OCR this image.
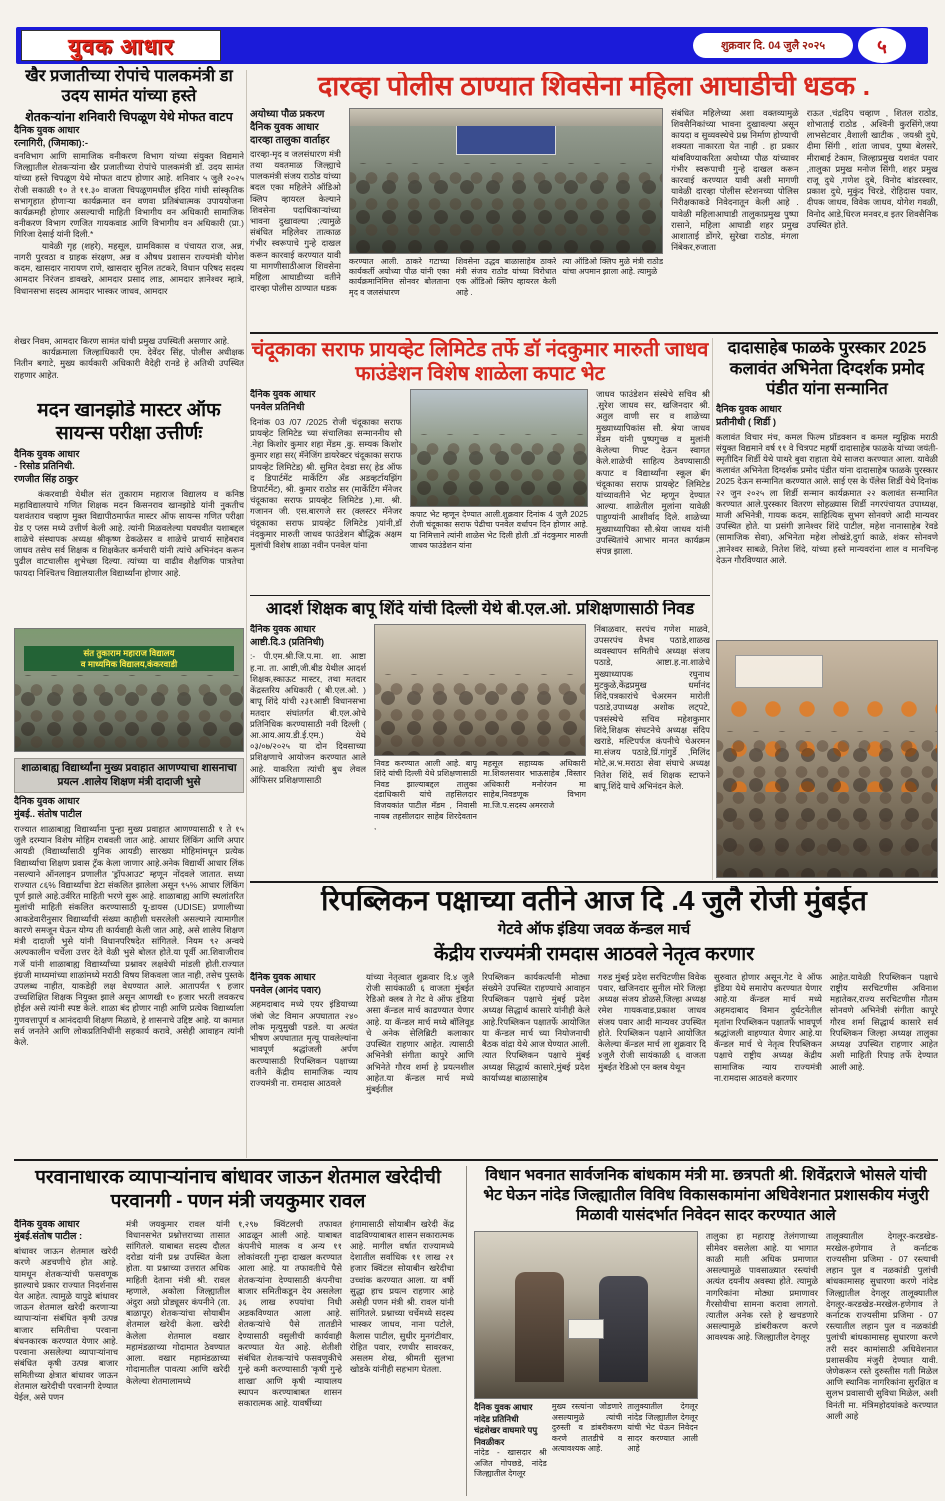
युवक आधार	शुक्रवार दि. 04 जुलै २०२५	५
खैर प्रजातीच्या रोपांचे पालकमंत्री डा उदय सामंत यांच्या हस्ते
शेतकऱ्यांना शनिवारी चिपळूण येथे मोफत वाटप
दैनिक युवक आधार
रत्नागिरी, (जिमाका):-
वनविभाग आणि सामाजिक वनीकरण विभाग यांच्या संयुक्त विद्यमाने जिल्ह्यातील शेतकऱ्यांना खैर प्रजातीच्या रोपांचे पालकमंत्री डॉ. उदय सामंत यांच्या हस्ते चिपळूण येथे मोफत वाटप होणार आहे. शनिवार ५ जुलै २०२५ रोजी सकाळी १० ते ११.३० वाजता चिपळूणमधील इंदिरा गांधी सांस्कृतिक सभागृहात होणाऱ्या कार्यक्रमात वन वणवा प्रतिबंधात्मक उपाययोजना कार्यक्रमही होणार असल्याची माहिती विभागीय वन अधिकारी सामाजिक वनीकरण विभाग रणजित गायकवाड आणि विभागीय वन अधिकारी (प्रा.) गिरिजा देसाई यांनी दिली.*
यावेळी गृह (शहरे), महसूल, ग्रामविकास व पंचायत राज, अन्न, नागरी पुरवठा व ग्राहक संरक्षण, अन्न व औषध प्रशासन राज्यमंत्री योगेश कदम, खासदार नारायण राणे, खासदार सुनिल तटकरे, विधान परिषद सदस्य आमदार निरंजन डावखरे, आमदार प्रसाद लाड, आमदार ज्ञानेश्वर म्हात्रे, विधानसभा सदस्य आमदार भास्कर जाधव, आमदार
शेखर निवम, आमदार किरण सामंत यांची प्रमुख उपस्थिती असणार आहे.
कार्यक्रमाला जिल्हाधिकारी एम. देवेंदर सिंह, पोलीस अधीक्षक नितीन बगाटे, मुख्य कार्यकारी अधिकारी वैदेही रानडे हे अतिथी उपस्थित राहणार आहेत.
दारव्हा पोलीस ठाण्यात शिवसेना महिला आघाडीची धडक .
अयोध्या पौळ प्रकरण
दैनिक युवक आधार
दारव्हा तालुका वार्ताहर
दारव्हा-मृद व जलसंधारण मंत्री तथा यवतमाळ जिल्ह्याचे पालकमंत्री संजय राठोड यांच्या बदल एका महिलेने ऑडिओ क्लिप व्हायरल केल्याने शिवसेना पदाधिकाऱ्यांच्या भावना दुखावल्या ;त्यामुळे संबंधित महिलेवर तात्काळ गंभीर स्वरूपाचे गुन्हे दाखल करून कारवाई करण्यात यावी या मागणीसाठीआज शिवसेना महिला आघाडीच्या वतीने दारव्हा पोलीस ठाण्यात धडक
करण्यात आली. ठाकरे गटाच्या कार्यकर्ती अयोध्या पौळ यांनी एका कार्यक्रमानिमित्त सोनवर बोलताना मृद व जलसंधारण
शिवसेना उद्धव बाळासाहेब ठाकरे मंत्री संजय राठोड यांच्या विरोधात एक ऑडिओ क्लिप व्हायरल केली आहे .
त्या ऑडिओ क्लिप मुळे मंत्री राठोड यांचा अपमान झाला आहे. त्यामुळे
संबंधित महिलेच्या अशा वक्तव्यामुळे शिवसैनिकांच्या भावना दुखावल्या असून कायदा व सुव्यवस्थेचे प्रश्न निर्माण होण्याची शक्यता नाकारता येत नाही . हा प्रकार थांबविण्याकरिता अयोध्या पौळ यांच्यावर गंभीर स्वरूपाची गुन्हे दाखल करून कारवाई करण्यात यावी अशी मागणी यावेळी दारव्हा पोलीस स्टेशनच्या पोलिस निरीक्षकाकडे निवेदनातून केली आहे . यावेळी महिलाआघाडी तालुकाप्रमुख पुष्पा रासाने, महिला आघाडी शहर प्रमुख आशाताई डोंगरे, सुरेखा राठोड, मंगला निंबेकर,रुजाता
राऊत ,चंद्रदिप चव्हाण , शितल राठोड, शोभाताई राठोड , अश्विनी कुरसिंगे,जया लाभसेटवार ,वैशाली खाटीक , जयश्री दुधे, दीमा सिंगी , शांता जाधव, पुष्पा बेलसरे, मीराबाई टेकाम, जिल्हाप्रमुख यशवंत पवार ,तालुका प्रमुख मनोज सिंगी, शहर प्रमुख राजू दुधे ,गणेश दुबे, विनोद बांडरस्वार, प्रकाश दुधे, मुकुंद चिरडे, रोहिदास पवार, दीपक जाधव, विवेक जाधव, योगेश गवळी, विनोद आडे,धिरज मनवर,व इतर शिवसैनिक उपस्थित होते.
मदन खानझोडे मास्टर ऑफ सायन्स परीक्षा उत्तीर्णः
दैनिक युवक आधार
- रिसोड प्रतिनिधी.
रणजीत सिंह ठाकुर
कंकरवाडी येथील संत तुकाराम महाराज विद्यालय व कनिष्ठ महाविद्यालयाचे गणित शिक्षक मदन किसनराव खानझोडे यांनी नुकतीच यशवंतराव चव्हाण मुक्त विद्यापीठमार्फत मास्टर ऑफ सायन्स गणित परीक्षा ग्रेड ए प्लस मध्ये उत्तीर्ण केली आहे. त्यांनी मिळवलेल्या घवघवीत यशाबद्दल शाळेचे संस्थापक अध्यक्ष श्रीकृष्ण ढेकळेसर व शाळेचे प्राचार्य साहेबराव जाधव तसेच सर्व शिक्षक व शिक्षकेतर कर्मचारी यांनी त्यांचे अभिनंदन करून पुढील वाटचालीस शुभेच्छा दिल्या. त्यांच्या या वाढीव शैक्षणिक पात्रतेचा फायदा निश्चितच विद्यालयातील विद्यार्थ्यांना होणार आहे.
संत तुकाराम महाराज विद्यालय
व माध्यमिक विद्यालय,कंकरवाडी
शाळाबाह्य विद्यार्थ्यांना मुख्य प्रवाहात आणण्याचा शासनाचा प्रयत्न .शालेय शिक्षण मंत्री दादाजी भुसे
दैनिक युवक आधार
मुंबई.. संतोष पाटील
राज्यात शाळाबाह्य विद्यार्थ्यांना पुन्हा मुख्य प्रवाहात आणण्यासाठी १ ते १५ जुलै दरम्यान विशेष मोहिम राबवली जात आहे. आधार लिंकिंग आणि अपार आयडी (विद्यार्थ्यांसाठी युनिक आयडी) सारख्या मोहिमांमधून प्रत्येक विद्यार्थ्याचा शिक्षण प्रवास ट्रॅक केला जाणार आहे.अनेक विद्यार्थी आधार लिंक नसल्याने ऑनलाइन प्रणालीत 'ड्रॉपआउट' म्हणून नोंदवले जातात. सध्या राज्यात ८६% विद्यार्थ्यांचा डेटा संकलित झालेला असून ९५% आधार लिंकिंग पूर्ण झाले आहे.उर्वरित माहिती भरणे सुरू आहे. शाळाबाह्य आणि स्थलांतरित मुलांची माहिती संकलित करण्यासाठी यू-डायस (UDISE) प्रणालीच्या आकडेवारीनुसार विद्यार्थ्यांची संख्या काहीशी घसरलेली असल्याने त्यामागील कारणे समजून घेऊन योग्य ती कार्यवाही केली जात आहे, असे शालेय शिक्षण मंत्री दादाजी भुसे यांनी विधानपरिषदेत सांगितले. नियम ९२ अन्वये अल्पकालीन चर्चेला उत्तर देते वेळी भुसे बोलत होते.या पूर्वी आ.शिवाजीराव गर्जे यांनी शाळाबाह्य विद्यार्थ्यांच्या प्रश्नावर लक्षवेधी मांडली होती.राज्यात इंग्रजी माध्यमांच्या शाळांमध्ये मराठी विषय शिकवला जात नाही, तसेच पुस्तके उपलब्ध नाहीत, याकडेही लक्ष वेधण्यात आले. आतापर्यंत ९ हजार उच्चशिक्षित शिक्षक नियुक्त झाले असून आणखी १० हजार भरती लवकरच होईल असे त्यांनी स्पष्ट केले. शाळा बंद होणार नाही आणि प्रत्येक विद्यार्थ्याला गुणवत्तापूर्ण व आनंददायी शिक्षण मिळावे, हे शासनाचे उद्दिष्ट आहे. या कामात सर्व जनतेने आणि लोकप्रतिनिधींनी सहकार्य करावे, असेही आवाहन त्यांनी केले.
चंदूकाका सराफ प्रायव्हेट लिमिटेड तर्फे डॉ नंदकुमार मारुती जाधव फाउंडेशन विशेष शाळेला कपाट भेट
दैनिक युवक आधार
पनवेल प्रतिनिधी
दिनांक 03 /07 /2025 रोजी चंदूकाका सराफ प्रायव्हेट लिमिटेड च्या संचालिका सन्माननीय सौ .नेहा किशोर कुमार शहा मेंडम ,कु. सम्यक किशोर कुमार शहा सर( मॅनेजिंग डायरेक्टर चंदूकाका सराफ प्रायव्हेट लिमिटेड) श्री. सुमित देवडा सर( हेड ऑफ द डिपार्टमेंट मार्केटिंग अँड अडव्हर्टायझिंग डिपार्टमेंट), श्री. कुमार राठोड सर (मार्केटिंग मॅनेजर चंदूकाका सराफ प्रायव्हेट लिमिटेड ),मा. श्री. गजानन जी. एस.बारगजे सर (क्लस्टर मॅनेजर चंदूकाका सराफ प्रायव्हेट लिमिटेड )यांनी,डॉ नंदकुमार मारुती जाधव फाउंडेशन बौद्धिक अक्षम मुलांची विशेष शाळा नवीन पनवेल यांना
कपाट भेट म्हणून देण्यात आली.शुक्रवार दिनांक 4 जुलै 2025 रोजी चंदूकाका सराफ पेढीचा पनवेल वर्धापन दिन होणार आहे. या निमित्ताने त्यांनी शाळेस भेट दिली होती .डॉ नंदकुमार मारुती जाधव फाउंडेशन यांना
जाधव फाउंडेशन संस्थेचे सचिव श्री ,सुरेश जाधव सर, खजिनदार श्री. अतुल वाणी सर व शाळेच्या मुख्याध्यापिकांस सौ. श्रेया जाधव मेंडम यांनी पुष्पगुच्छ व मुलांनी केलेल्या गिफ्ट देऊन स्वागत केले.शाळेची साहित्य ठेवण्यासाठी कपाट व विद्यार्थ्यांना स्कूल बॅग चंदूकाका सराफ प्रायव्हेट लिमिटेड यांच्यावतीने भेट म्हणून देण्यात आल्या. शाळेतील मुलांना यावेळी पाहुण्यांनी आशीर्वाद दिले. शाळेच्या मुख्याध्यापिका सौ.श्रेया जाधव यांनी उपस्थितांचे आभार मानत कार्यक्रम संपन्न झाला.
दादासाहेब फाळके पुरस्कार 2025 कलावंत अभिनेता दिग्दर्शक प्रमोद पंडीत यांना सन्मानित
दैनिक युवक आधार
प्रतीनीधी ( शिर्डी )
कलावंत विचार मंच, कमल फिल्म प्रॉडक्शन व कमल म्युझिक मराठी संयुक्त विद्यमाने वर्ष ११ वे चित्रपट महर्षी दादासाहेब फाळके यांच्या जयंती- स्मृतीदिन शिर्डी येथे पाथरे बुवा राहाता येथे साजरा करण्यात आला. यावेळी कलावंत अभिनेता दिग्दर्शक प्रमोद पंडीत यांना दादासाहेब फाळके पुरस्कार 2025 देऊन सन्मानित करण्यात आले. साई एस के पॅलेस शिर्डी येथे दिनांक २२ जुन २०२५ ला शिर्डी सन्मान कार्यक्रमात २२ कलावंत सन्मानित करण्यात आले.पुरस्कार वितरण सोहळ्यास शिर्डी नगरपंचायत उपाध्यक्ष, माजी अभिनेत्री, गायक कदम, साहित्यिक सुभग सोनवणे आदी मान्यवर उपस्थित होते. या प्रसंगी ज्ञानेश्वर शिंदे पाटील, महेश नानासाहेब रेवडे (सामाजिक सेवा), अभिनेता महेश लोखंडे,दुर्गा काळे, शंकर सोनवणे ,ज्ञानेश्वर साबळे, नितेश शिंदे, यांच्या हस्ते मान्यवरांना शाल व मानचिन्ह देऊन गौरविण्यात आले.
आदर्श शिक्षक बापू शिंदे यांची दिल्ली येथे बी.एल.ओ. प्रशिक्षणासाठी निवड
दैनिक युवक आधार
आष्टी.दि.3 (प्रतिनिधी)
:- पी.एम.श्री.जि.प.मा. शा. आष्टा ह.ना. ता. आष्टी,जी.बीड येथील आदर्श शिक्षक,स्काऊट मास्टर, तथा मतदार केंद्रस्तरिय अधिकारी ( बी.एल.ओ. ) बापू शिंदे यांची २३१आष्टी विधानसभा मतदार संघांतर्गत बी.एल.ओचे प्रतिनिधिक करण्यासाठी नवी दिल्ली ( आ.आय.आय.डी.ई.एम.) येथे ०३/०७/२०२५ या दोन दिवसाच्या प्रशिक्षणाचे आयोजन करण्यात आले आहे. याकरिता त्यांची बुध लेवल ऑफिसर प्रशिक्षणासाठी
निवड करण्यात आली आहे. बापू शिंदे यांची दिल्ली येथे प्रशिक्षणासाठी निवड झाल्याबद्दल तालुका दंडाधिकारी यांचे तहसिलदार विजयकांत पाटील मॅडम , निवासी नायब तहसीलदार साहेब शिरदेवतान ,
महसूल सहाय्यक अधिकारी मा.शिवलसवार भाऊसाहेब ,विस्तार अधिकारी मनोरंजन मा साहेब,निवडणूक विभाग मा.जि.प.सदस्य अमरराजे
निंबाळवार, सरपंच गणेश माळवे, उपसरपंच वैभव पठाडे,शाळख व्यवस्थापन समितीचे अध्यक्ष संजय पठाडे, आष्टा.ह.ना.शाळेचे मुख्याध्यापक रघुनाथ मुटकुळे,केंद्रप्रमुख धर्मानंद शिंदे,पत्रकारांचे चेअरमन मारोती पठाडे,उपाध्यक्ष अशोक लट्पटे, पत्रसंस्थेचे सचिव महेशकुमार शिंदे,शिक्षक संघटनेचे अध्यक्ष संदिप खराडे, मल्टिपर्पज कंपनीचे चेअरमन मा.संजय पठाडे,प्रिं.गांगुर्डे ,मिलिंद मोटे,अ.भ.मराठा सेवा संघाचे अध्यक्ष नितेश शिंदे, सर्व शिक्षक स्टाफने बापू.शिंदे याचे अभिनंदन केले.
रिपब्लिकन पक्षाच्या वतीने आज दि .4 जुलै रोजी मुंबईत
गेटवे ऑफ इंडिया जवळ कॅन्डल मार्च
केंद्रीय राज्यमंत्री रामदास आठवले नेतृत्व करणार
दैनिक युवक आधार
पनवेल (आनंद पवार)
अहमदाबाद मध्ये एयर इंडियाच्या जंबो जेट विमान अपघातात २४० लोक मृत्युमुखी पडले. या अत्यंत भीषण अपघातात मृत्यू पावलेल्यांना भावपूर्ण श्रद्धांजली अर्पण करण्यासाठी रिपब्लिकन पक्षाच्या वतीने केंद्रीय सामाजिक न्याय राज्यमंत्री ना. रामदास आठवले
यांच्या नेतृत्वात शुक्रवार दि.४ जुलै रोजी सायंकाळी ६ वाजता मुंबईत रेडिओ क्लब ते गेट वे ऑफ इंडिया असा कॅन्डल मार्च काढण्यात येणार आहे. या कॅन्डल मार्च मध्ये बॉलिवूड चे अनेक सेलिब्रिटी कलाकार उपस्थित राहणार आहेत. त्यासाठी अभिनेत्री संगीता कापुरे आणि अभिनेते गौरव शर्मा हे प्रयत्नशील आहेत.या कॅन्डल मार्च मध्ये मुंबईतील
रिपब्लिकन कार्यकर्त्यांनी मोठ्या संख्येने उपस्थित राहण्याचे आवाहन रिपब्लिकन पक्षाचे मुंबई प्रदेश अध्यक्ष सिद्धार्थ कासारे यांनीही केले आहे.रिपब्लिकन पक्षातर्फे आयोजित या कॅन्डल मार्च च्या नियोजनाची बैठक वांद्रा येथे आज घेण्यात आली. त्यात रिपब्लिकन पक्षाचे मुंबई अध्यक्ष सिद्धार्थ कासारे,मुंबई प्रदेश कार्याध्यक्ष बाळासाहेब
गरुड मुंबई प्रदेश सरचिटणीस विवेक पवार, खजिनदार सुनील मोरे जिल्हा अध्यक्ष संजय डोळसे,जिल्हा अध्यक्ष रमेश गायकवाड,प्रकाश जाधव संजय पवार आदी मान्यवर उपस्थित होते. रिपब्लिकन पक्षाने आयोजित केलेल्या कॅन्डल मार्च ला शुक्रवार दि ४जुलै रोजी सायंकाळी ६ वाजता मुंबईत रेडिओ एन क्लब येथून
सुरुवात होणार असून.गेट वे ऑफ इंडिया येथे समारोप करण्यात येणार आहे.या कॅन्डल मार्च मध्ये अहमदाबाद विमान दुर्घटनेतील मृतांना रिपब्लिकन पक्षातर्फे भावपूर्ण श्रद्धांजली वाहण्यात येणार आहे.या कॅन्डल मार्च चे नेतृत्व रिपब्लिकन पक्षाचे राष्ट्रीय अध्यक्ष केंद्रीय सामाजिक न्याय राज्यमंत्री ना.रामदास आठवले करणार
आहेत.यावेळी रिपब्लिकन पक्षाचे राष्ट्रीय सरचिटणीस अविनाश महातेकर,राज्य सरचिटणीस गौतम सोनवणे अभिनेत्री संगीता कापूरे गौरव शर्मा सिद्धार्थ कासारे सर्व रिपब्लिकन जिल्हा अध्यक्ष तालुका अध्यक्ष उपस्थित राहणार आहेत अशी माहिती रिपाइ तर्फे देण्यात आली आहे.
परवानाधारक व्यापाऱ्यांनाच बांधावर जाऊन शेतमाल खरेदीची परवानगी - पणन मंत्री जयकुमार रावल
दैनिक युवक आधार
मुंबई.संतोष पाटील :
बांधावर जाऊन शेतमाल खरेदी करणे अडचणीचे होत आहे. यामधून शेतकऱ्यांची फसवणूक झाल्याचे प्रकार राज्यात निदर्शनास येत आहेत. त्यामुळे यापुढे बांधावर जाऊन शेतमाल खरेदी करणाऱ्या व्यापाऱ्यांना संबंधित कृषी उत्पन्न बाजार समितीचा परवाना बंधनकारक करण्यात येणार आहे. परवाना असलेल्या व्यापाऱ्यांनाच संबंधित कृषी उत्पन्न बाजार समितीच्या क्षेत्रात बांधावर जाऊन शेतमाल खरेदीची परवानगी देण्यात येईल, असे पणन
मंत्री जयकुमार रावल यांनी विधानसभेत प्रश्नोत्तराच्या तासात सांगितले. याबाबत सदस्य दौलत दरोडा यांनी प्रश्न उपस्थित केला होता. या प्रश्नाच्या उत्तरात अधिक माहिती देताना मंत्री श्री. रावल म्हणाले, अकोला जिल्ह्यातील अंदुरा अग्रो प्रोड्यूसर कंपनीने (ता. बाळापूर) शेतकऱ्यांचा सोयाबीन शेतमाल खरेदी केला. खरेदी केलेला शेतमाल वखार महामंडळाच्या गोदामात ठेवण्यात आला. वखार महामंडळाच्या गोदामातील पावत्या आणि खरेदी केलेल्या शेतमालामध्ये
१,२९७ क्विंटलची तफावत आढळून आली आहे. याबाबत कंपनीचे मालक व अन्य ११ लोकांवरती गुन्हा दाखल करण्यात आला आहे. या तफावतीचे पैसे शेतकऱ्यांना देण्यासाठी कंपनीचा बाजार समितीकडून देय असलेला ३६ लाख रुपयांचा निधी अडकविण्यात आला आहे. शेतकऱ्यांचे पैसे तातडीने देण्यासाठी वसुलीची कार्यवाही करण्यात येत आहे. शेतीशी संबंधित शेतकऱ्यांचे फसवणुकीचे गुन्हे कमी करण्यासाठी 'कृषी गुन्हे शाखा' आणि कृषी न्यायालय स्थापन करण्याबाबत शासन सकारात्मक आहे. यावर्षीच्या
हंगामासाठी सोयाबीन खरेदी केंद्र वाढविण्याबाबत शासन सकारात्मक आहे. मागील वर्षात राज्यामध्ये देशातील सर्वाधिक ११ लाख २१ हजार क्विंटल सोयाबीन खरेदीचा उच्चांक करण्यात आला. या वर्षी सुद्धा हाच प्रयत्न राहणार आहे असेही पणन मंत्री श्री. रावल यांनी सांगितले. प्रश्नाच्या चर्चेमध्ये सदस्य भास्कर जाधव, नाना पटोले, कैलास पाटील, सुधीर मुनगंटीवार, रोहित पवार, रणधीर सावरकर, असलम शेख, श्रीमती सुलभा खोडके यांनीही सहभाग घेतला.
विधान भवनात सार्वजनिक बांधकाम मंत्री मा. छत्रपती श्री. शिवेंद्रराजे भोसले यांची भेट घेऊन नांदेड जिल्ह्यातील विविध विकासकामांना अधिवेशनात प्रशासकीय मंजुरी मिळावी यासंदर्भात निवेदन सादर करण्यात आले
दैनिक युवक आधार
नांदेड प्रतिनिधी
चंद्रशेखर वाघमारे पपु निवळीकर
नांदेड - खासदार श्री अजित गोपछडे, नांदेड जिल्ह्यातील देगलूर
मुख्य रस्त्यांना जोडणारे असल्यामुळे त्यांची दुरुस्ती व डांबरीकरण करणे तातडीचे व अत्यावश्यक आहे.
तालुक्यातील देगलूर नांदेड जिल्ह्यातील देगलूर यांची भेट घेऊन निवेदन सादर करण्यात आली आहे
तालुका हा महाराष्ट्र तेलंगणाच्या सीमेवर वसलेला आहे. या भागात काळी माती अधिक प्रमाणात असल्यामुळे पावसाळ्यात रस्त्यांची अत्यंत दयनीय अवस्था होते. त्यामुळे नागरिकांना मोठ्या प्रमाणावर गैरसोयीचा सामना करावा लागतो. त्यातील अनेक रस्ते हे खचडणारे असल्यामुळे डांबरीकरण करणे आवश्यक आहे. जिल्ह्यातील देगलूर
तालूक्यातील देगलूर-करडखेड-मरखेल-हणेगाव ते कर्नाटक राज्यसीमा प्रजिमा - 07 रस्त्याची लहान पुल व नळकांडी पुलांची बांधकामासह सुधारणा करणे नांदेड जिल्ह्यातील देगलूर तालूक्यातील देगलूर-करडखेड-मरखेल-हणेगाव ते कर्नाटक राज्यसीमा प्रजिमा - 07 रस्त्यातील लहान पुल व नळकांडी पुलांची बांधकामासह सुधारणा करणे तरी सदर कामांसाठी अधिवेशनात प्रशासकीय मंजुरी देण्यात यावी. जेणेकरून रस्ते दुरुस्तीस गती मिळेल आणि स्थानिक नागरिकांना सुरक्षित व सुलभ प्रवासाची सुविधा मिळेल, अशी विनंती मा. मंत्रिमहोदयांकडे करण्यात आली आहे
